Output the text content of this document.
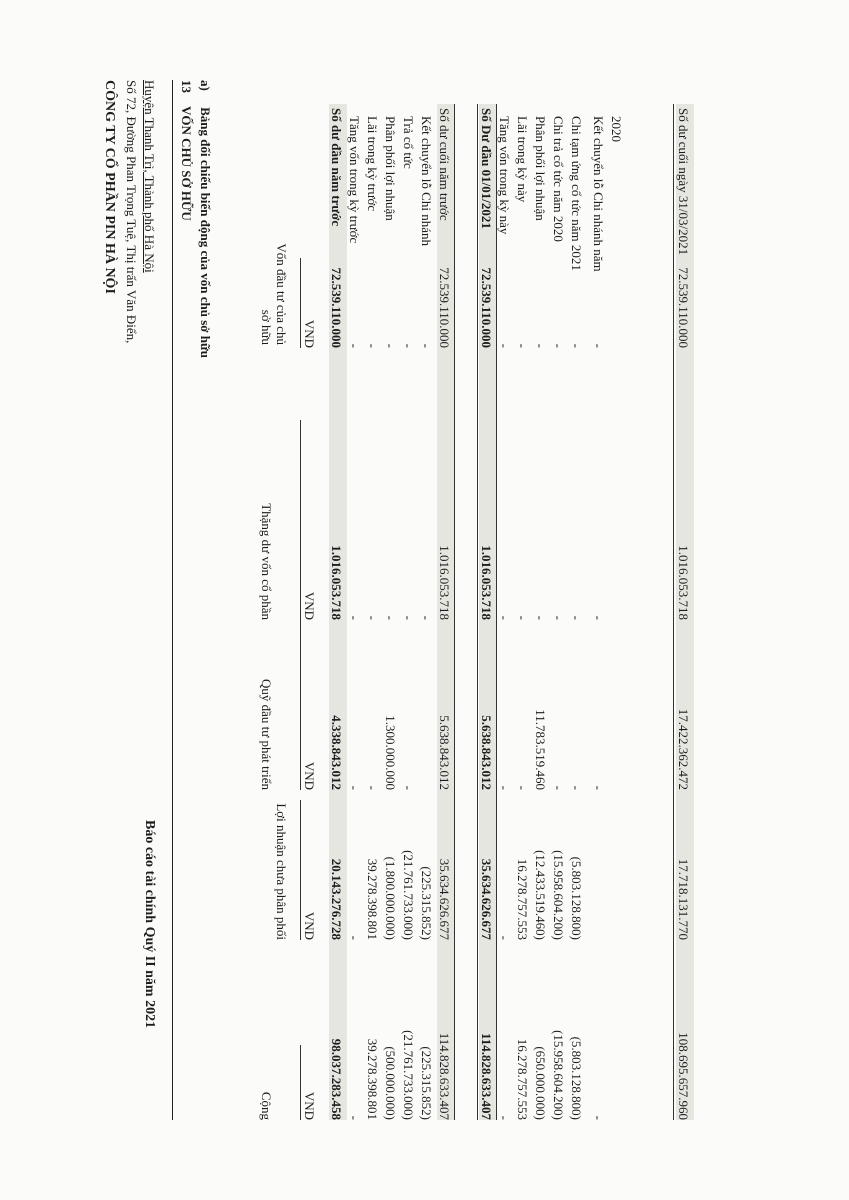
CÔNG TY CỔ PHẦN PIN HÀ NỘI Số 72, Đường Phan Trọng Tuệ, Thị trấn Văn Điển, Huyện Thanh Trì, Thành phố Hà Nội
Báo cáo tài chính Quý II năm 2021
13    VỐN CHỦ SỞ HỮU
a)     Bảng đối chiếu biến động của vốn chủ sở hữu	Vốn đầu tư của chủ sở hữu
Thặng dư vốn cổ phần
Quỹ đầu tư phát triển
Lợi nhuận chưa phân phối
Cộng
VND
VND
VND
VND
VND
Số dư đầu năm trước
72.539.110.000
1.016.053.718
4.338.843.012
20.143.276.728
98.037.283.458
Tăng vốn trong kỳ trước
-
-
-
-
-
Lãi trong kỳ trước
-
-
-
39.278.398.801
39.278.398.801
Phân phối lợi nhuận
-
-
1.300.000.000
(1.800.000.000)
(500.000.000)
Trả cổ tức
-
-
-
(21.761.733.000)
(21.761.733.000)
Kết chuyển lỗ Chi nhánh
-
-
(225.315.852)
(225.315.852)
Số dư cuối năm trước
72.539.110.000
1.016.053.718
5.638.843.012
35.634.626.677
114.828.633.407
Số Dư đầu 01/01/2021
72.539.110.000
1.016.053.718
5.638.843.012
35.634.626.677
114.828.633.407
Tăng vốn trong kỳ này
-
-
-
-
-
Lãi trong kỳ này
-
-
-
16.278.757.553
16.278.757.553
Phân phối lợi nhuận
-
-
11.783.519.460
(12.433.519.460)
(650.000.000)
Chi trả cổ tức năm 2020
-
-
-
(15.958.604.200)
(15.958.604.200)
Chi tạm ứng cổ tức năm 2021
-
-
-
(5.803.128.800)
(5.803.128.800)
Kết chuyển lỗ Chi nhánh năm
-
-
-
-
2020	Số dư cuối ngày 31/03/2021
72.539.110.000
1.016.053.718
17.422.362.472
17.718.131.770
108.695.657.960
